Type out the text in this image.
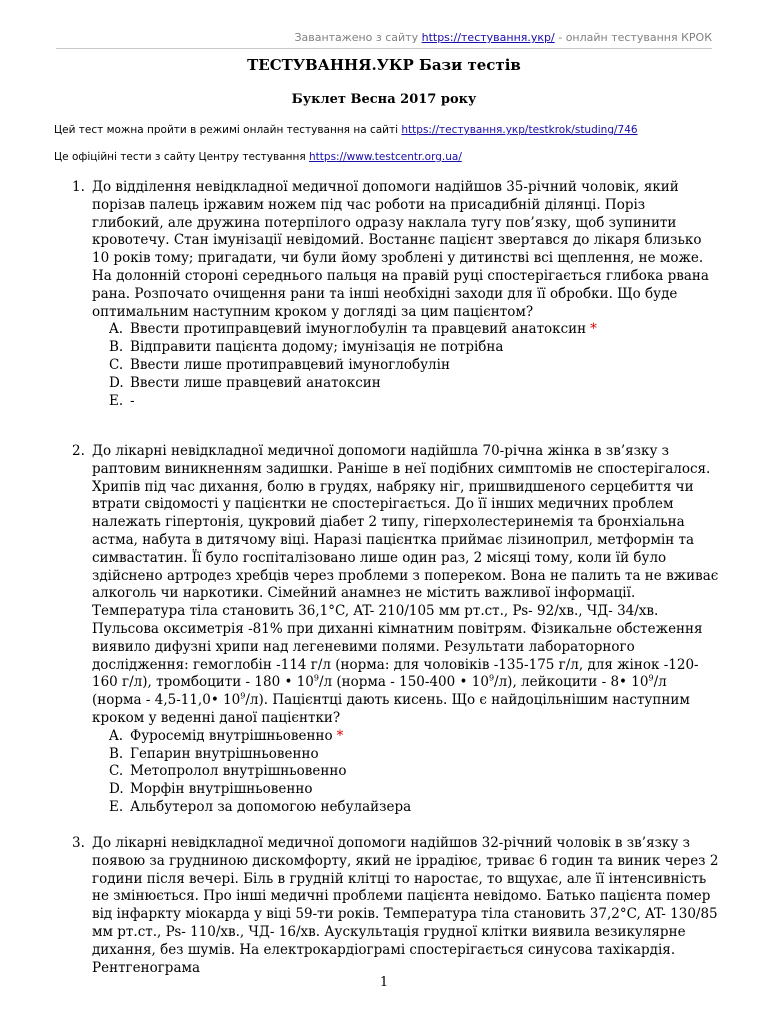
Завантажено з сайту https://тестування.укр/ - онлайн тестування КРОК
ТЕСТУВАННЯ.УКР Бази тестів
Буклет Весна 2017 року
Цей тест можна пройти в режимі онлайн тестування на сайті https://тестування.укр/testkrok/studing/746
Це офіційні тести з сайту Центру тестування https://www.testcentr.org.ua/
1. До відділення невідкладної медичної допомоги надійшов 35-річний чоловік, який порізав палець іржавим ножем під час роботи на присадибній ділянці. Поріз глибокий, але дружина потерпілого одразу наклала тугу пов’язку, щоб зупинити кровотечу. Стан імунізації невідомий. Востаннє пацієнт звертався до лікаря близько 10 років тому; пригадати, чи були йому зроблені у дитинстві всі щеплення, не може. На долонній стороні середнього пальця на правій руці спостерігається глибока рвана рана. Розпочато очищення рани та інші необхідні заходи для її обробки. Що буде оптимальним наступним кроком у догляді за цим пацієнтом?
A. Ввести протиправцевий імуноглобулін та правцевий анатоксин *
B. Відправити пацієнта додому; імунізація не потрібна
C. Ввести лише протиправцевий імуноглобулін
D. Ввести лише правцевий анатоксин
E. -
2. До лікарні невідкладної медичної допомоги надійшла 70-річна жінка в зв’язку з раптовим виникненням задишки. Раніше в неї подібних симптомів не спостерігалося. Хрипів під час дихання, болю в грудях, набряку ніг, пришвидшеного серцебиття чи втрати свідомості у пацієнтки не спостерігається. До її інших медичних проблем належать гіпертонія, цукровий діабет 2 типу, гіперхолестеринемія та бронхіальна астма, набута в дитячому віці. Наразі пацієнтка приймає лізиноприл, метформін та симвастатин. Її було госпіталізовано лише один раз, 2 місяці тому, коли їй було здійснено артродез хребців через проблеми з попереком. Вона не палить та не вживає алкоголь чи наркотики. Сімейний анамнез не містить важливої інформації. Температура тіла становить 36,1°C, AT- 210/105 мм рт.ст., Ps- 92/хв., ЧД- 34/хв. Пульсова оксиметрія -81% при диханні кімнатним повітрям. Фізикальне обстеження виявило дифузні хрипи над легеневими полями. Результати лабораторного дослідження: гемоглобін -114 г/л (норма: для чоловіків -135-175 г/л, для жінок -120-160 г/л), тромбоцити - 180 • $10^9/л$ (норма - 150-400 • $10^9/л$), лейкоцити - 8• $10^9/л$ (норма - 4,5-11,0• $10^9/л$). Пацієнтці дають кисень. Що є найдоцільнішим наступним кроком у веденні даної пацієнтки?
A. Фуросемід внутрішньовенно *
B. Гепарин внутрішньовенно
C. Метопролол внутрішньовенно
D. Морфін внутрішньовенно
E. Альбутерол за допомогою небулайзера
3. До лікарні невідкладної медичної допомоги надійшов 32-річний чоловік в зв’язку з появою за грудниною дискомфорту, який не іррадіює, триває 6 годин та виник через 2 години після вечері. Біль в грудній клітці то наростає, то вщухає, але її інтенсивність не змінюється. Про інші медичні проблеми пацієнта невідомо. Батько пацієнта помер від інфаркту міокарда у віці 59-ти років. Температура тіла становить 37,2°C, AT- 130/85 мм рт.ст., Ps- 110/хв., ЧД- 16/хв. Аускультація грудної клітки виявила везикулярне дихання, без шумів. На електрокардіограмі спостерігається синусова тахікардія. Рентгенограма
1
